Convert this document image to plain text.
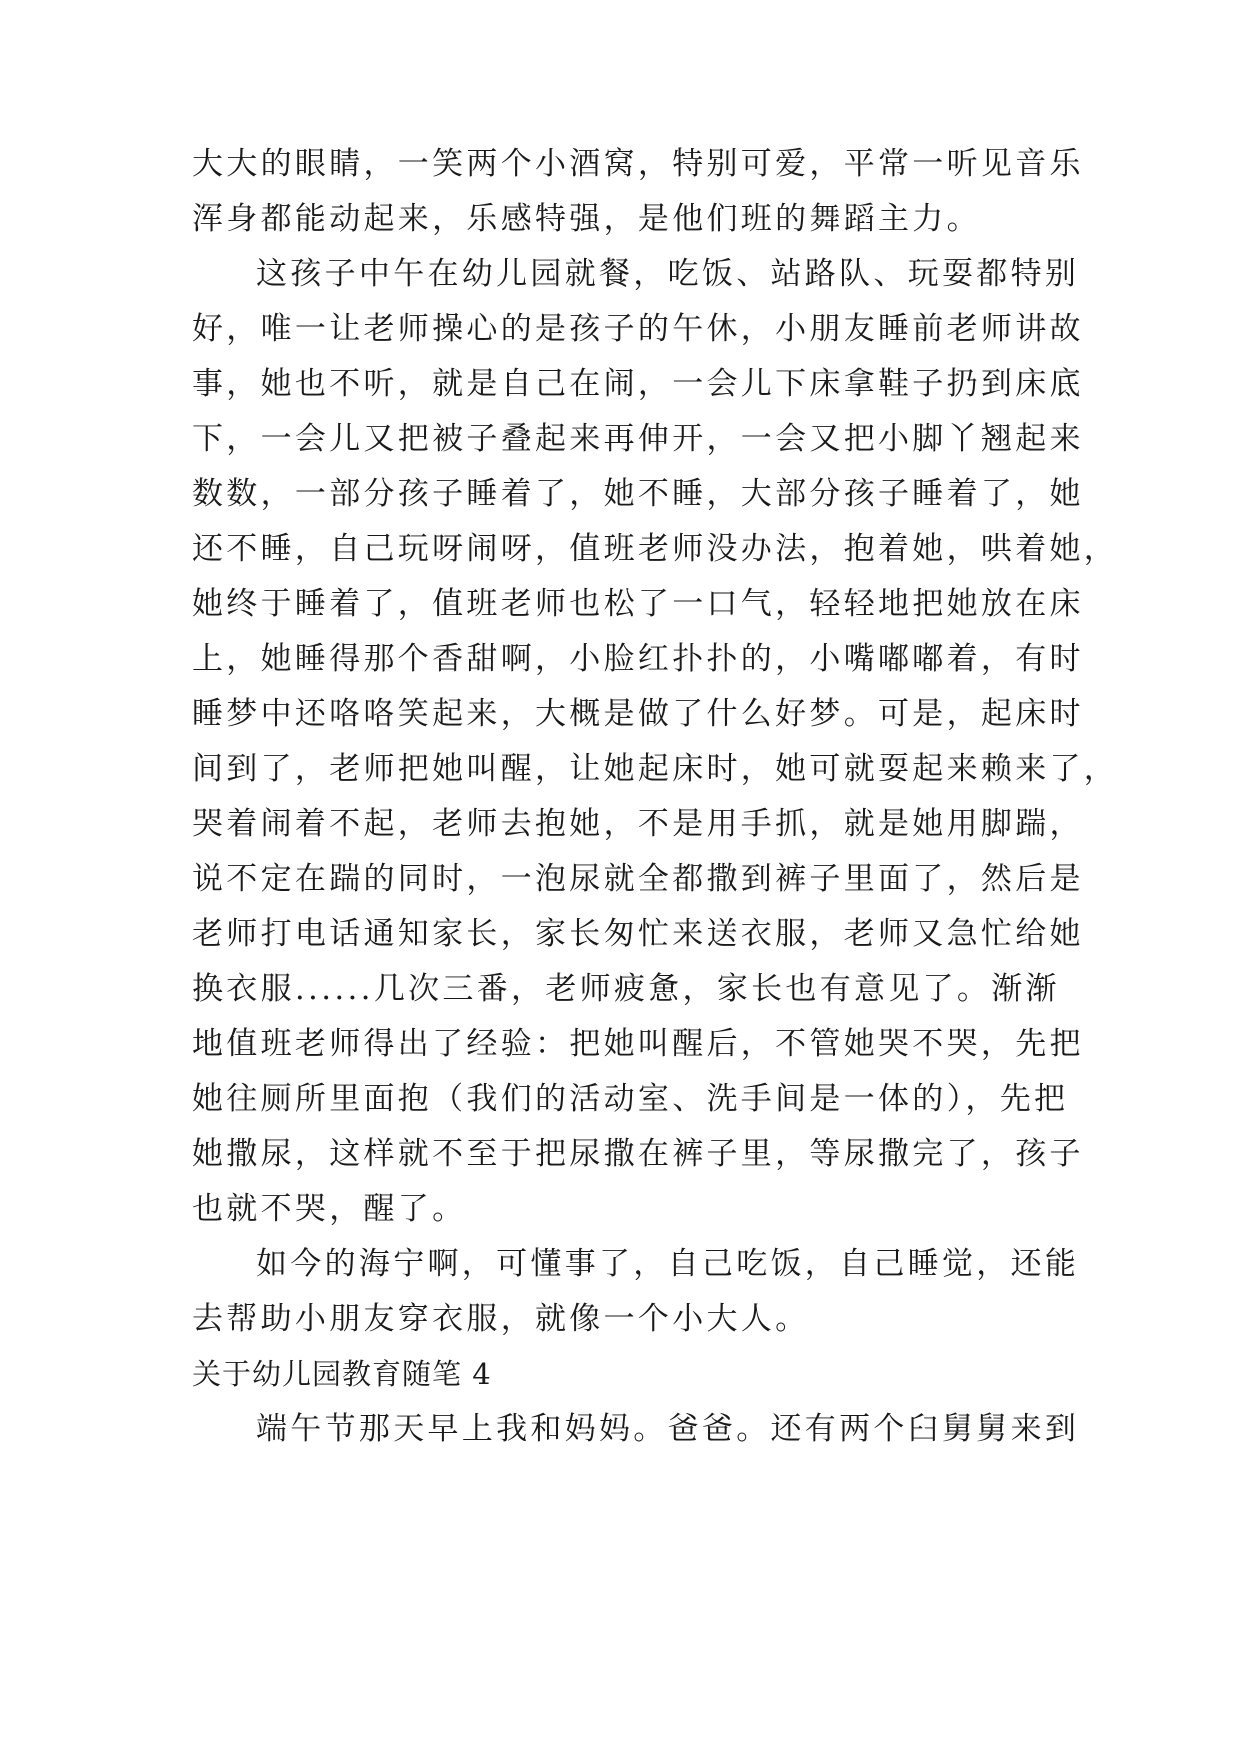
大大的眼睛，一笑两个小酒窝，特别可爱，平常一听见音乐
浑身都能动起来，乐感特强，是他们班的舞蹈主力。
这孩子中午在幼儿园就餐，吃饭、站路队、玩耍都特别
好，唯一让老师操心的是孩子的午休，小朋友睡前老师讲故
事，她也不听，就是自己在闹，一会儿下床拿鞋子扔到床底
下，一会儿又把被子叠起来再伸开，一会又把小脚丫翘起来
数数，一部分孩子睡着了，她不睡，大部分孩子睡着了，她
还不睡，自己玩呀闹呀，值班老师没办法，抱着她，哄着她，
她终于睡着了，值班老师也松了一口气，轻轻地把她放在床
上，她睡得那个香甜啊，小脸红扑扑的，小嘴嘟嘟着，有时
睡梦中还咯咯笑起来，大概是做了什么好梦。可是，起床时
间到了，老师把她叫醒，让她起床时，她可就耍起来赖来了，
哭着闹着不起，老师去抱她，不是用手抓，就是她用脚踹，
说不定在踹的同时，一泡尿就全都撒到裤子里面了，然后是
老师打电话通知家长，家长匆忙来送衣服，老师又急忙给她
换衣服......几次三番，老师疲惫，家长也有意见了。渐渐
地值班老师得出了经验：把她叫醒后，不管她哭不哭，先把
她往厕所里面抱（我们的活动室、洗手间是一体的），先把
她撒尿，这样就不至于把尿撒在裤子里，等尿撒完了，孩子
也就不哭，醒了。
如今的海宁啊，可懂事了，自己吃饭，自己睡觉，还能
去帮助小朋友穿衣服，就像一个小大人。
关于幼儿园教育随笔 4
端午节那天早上我和妈妈。爸爸。还有两个臼舅舅来到
